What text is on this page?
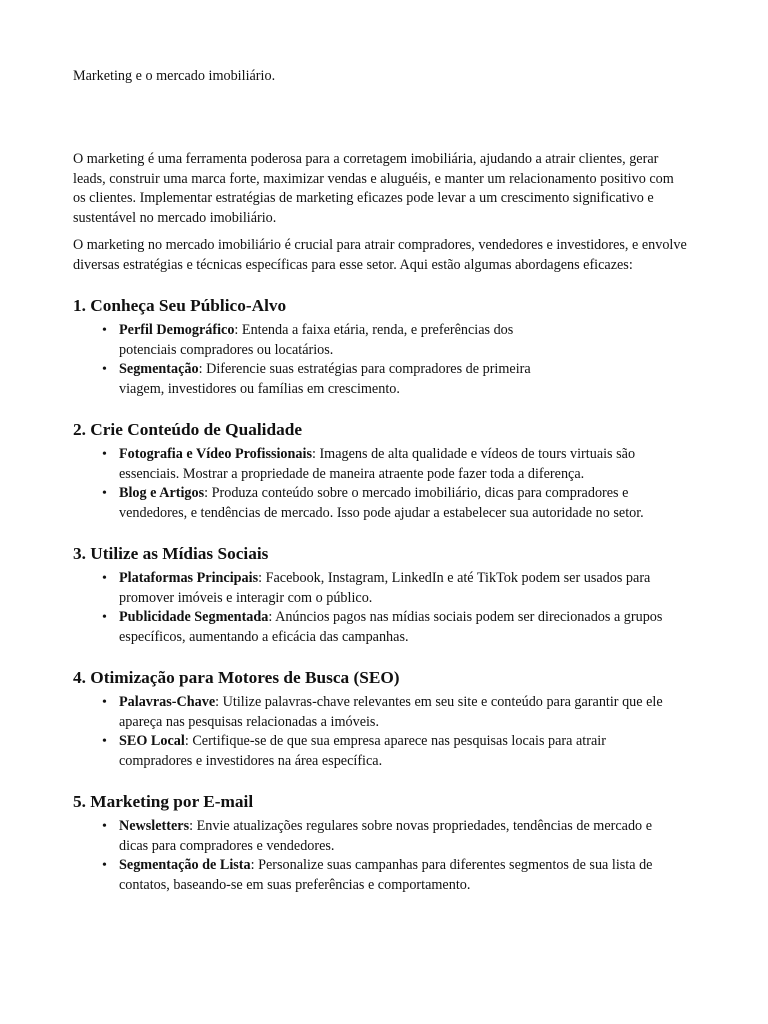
Marketing e o mercado imobiliário.

O marketing é uma ferramenta poderosa para a corretagem imobiliária, ajudando a atrair clientes, gerar leads, construir uma marca forte, maximizar vendas e aluguéis, e manter um relacionamento positivo com os clientes. Implementar estratégias de marketing eficazes pode levar a um crescimento significativo e sustentável no mercado imobiliário.

O marketing no mercado imobiliário é crucial para atrair compradores, vendedores e investidores, e envolve diversas estratégias e técnicas específicas para esse setor. Aqui estão algumas abordagens eficazes:

1. Conheça Seu Público-Alvo
• Perfil Demográfico: Entenda a faixa etária, renda, e preferências dos potenciais compradores ou locatários.
• Segmentação: Diferencie suas estratégias para compradores de primeira viagem, investidores ou famílias em crescimento.
2. Crie Conteúdo de Qualidade
• Fotografia e Vídeo Profissionais: Imagens de alta qualidade e vídeos de tours virtuais são essenciais. Mostrar a propriedade de maneira atraente pode fazer toda a diferença.
• Blog e Artigos: Produza conteúdo sobre o mercado imobiliário, dicas para compradores e vendedores, e tendências de mercado. Isso pode ajudar a estabelecer sua autoridade no setor.
3. Utilize as Mídias Sociais
• Plataformas Principais: Facebook, Instagram, LinkedIn e até TikTok podem ser usados para promover imóveis e interagir com o público.
• Publicidade Segmentada: Anúncios pagos nas mídias sociais podem ser direcionados a grupos específicos, aumentando a eficácia das campanhas.
4. Otimização para Motores de Busca (SEO)
• Palavras-Chave: Utilize palavras-chave relevantes em seu site e conteúdo para garantir que ele apareça nas pesquisas relacionadas a imóveis.
• SEO Local: Certifique-se de que sua empresa aparece nas pesquisas locais para atrair compradores e investidores na área específica.
5. Marketing por E-mail
• Newsletters: Envie atualizações regulares sobre novas propriedades, tendências de mercado e dicas para compradores e vendedores.
• Segmentação de Lista: Personalize suas campanhas para diferentes segmentos de sua lista de contatos, baseando-se em suas preferências e comportamento.
